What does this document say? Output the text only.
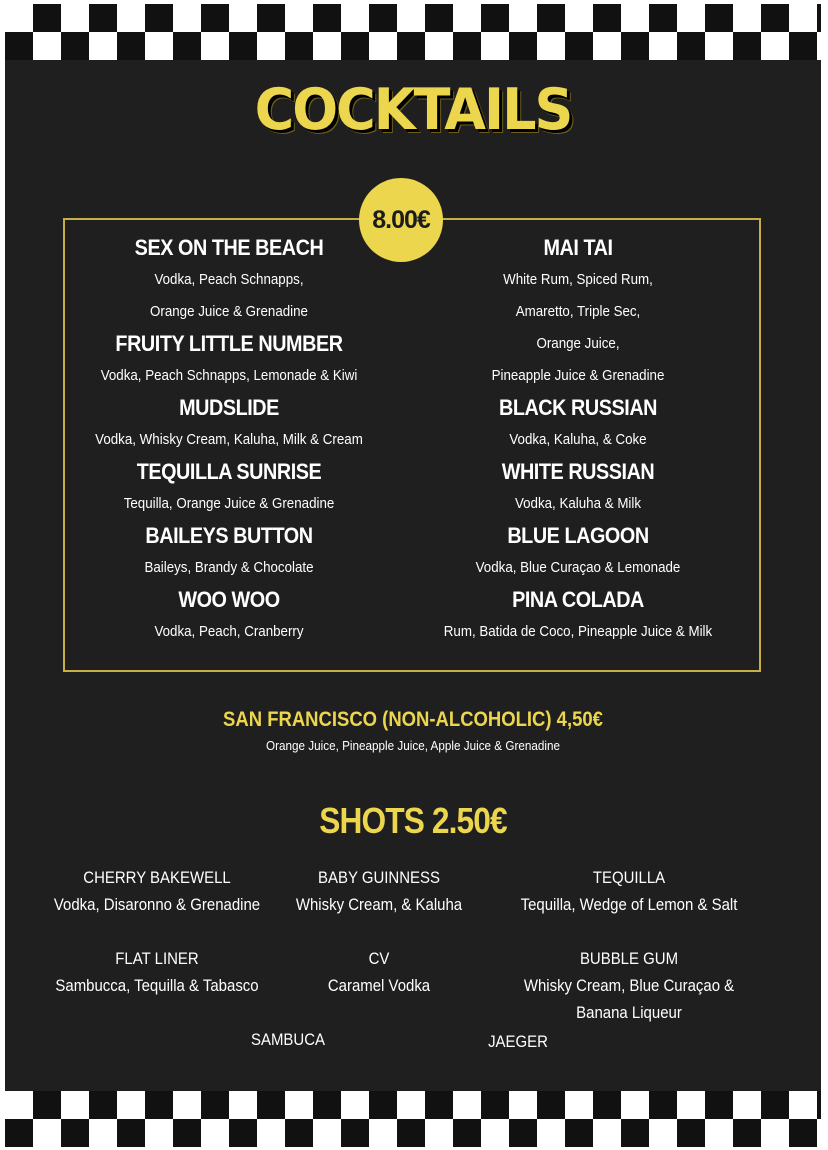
COCKTAILS
8.00€
SEX ON THE BEACH
Vodka, Peach Schnapps,
Orange Juice & Grenadine
FRUITY LITTLE NUMBER
Vodka, Peach Schnapps, Lemonade & Kiwi
MUDSLIDE
Vodka, Whisky Cream, Kaluha, Milk & Cream
TEQUILLA SUNRISE
Tequilla, Orange Juice & Grenadine
BAILEYS BUTTON
Baileys, Brandy & Chocolate
WOO WOO
Vodka, Peach, Cranberry
MAI TAI
White Rum, Spiced Rum,
Amaretto, Triple Sec,
Orange Juice,
Pineapple Juice & Grenadine
BLACK RUSSIAN
Vodka, Kaluha, & Coke
WHITE RUSSIAN
Vodka, Kaluha & Milk
BLUE LAGOON
Vodka, Blue Curaçao & Lemonade
PINA COLADA
Rum, Batida de Coco, Pineapple Juice & Milk
SAN FRANCISCO (NON-ALCOHOLIC) 4,50€
Orange Juice, Pineapple Juice, Apple Juice & Grenadine
SHOTS 2.50€
CHERRY BAKEWELL
Vodka, Disaronno & Grenadine
BABY GUINNESS
Whisky Cream, & Kaluha
TEQUILLA
Tequilla, Wedge of Lemon & Salt
FLAT LINER
Sambucca, Tequilla & Tabasco
CV
Caramel Vodka
BUBBLE GUM
Whisky Cream, Blue Curaçao & Banana Liqueur
SAMBUCA	JAEGER
